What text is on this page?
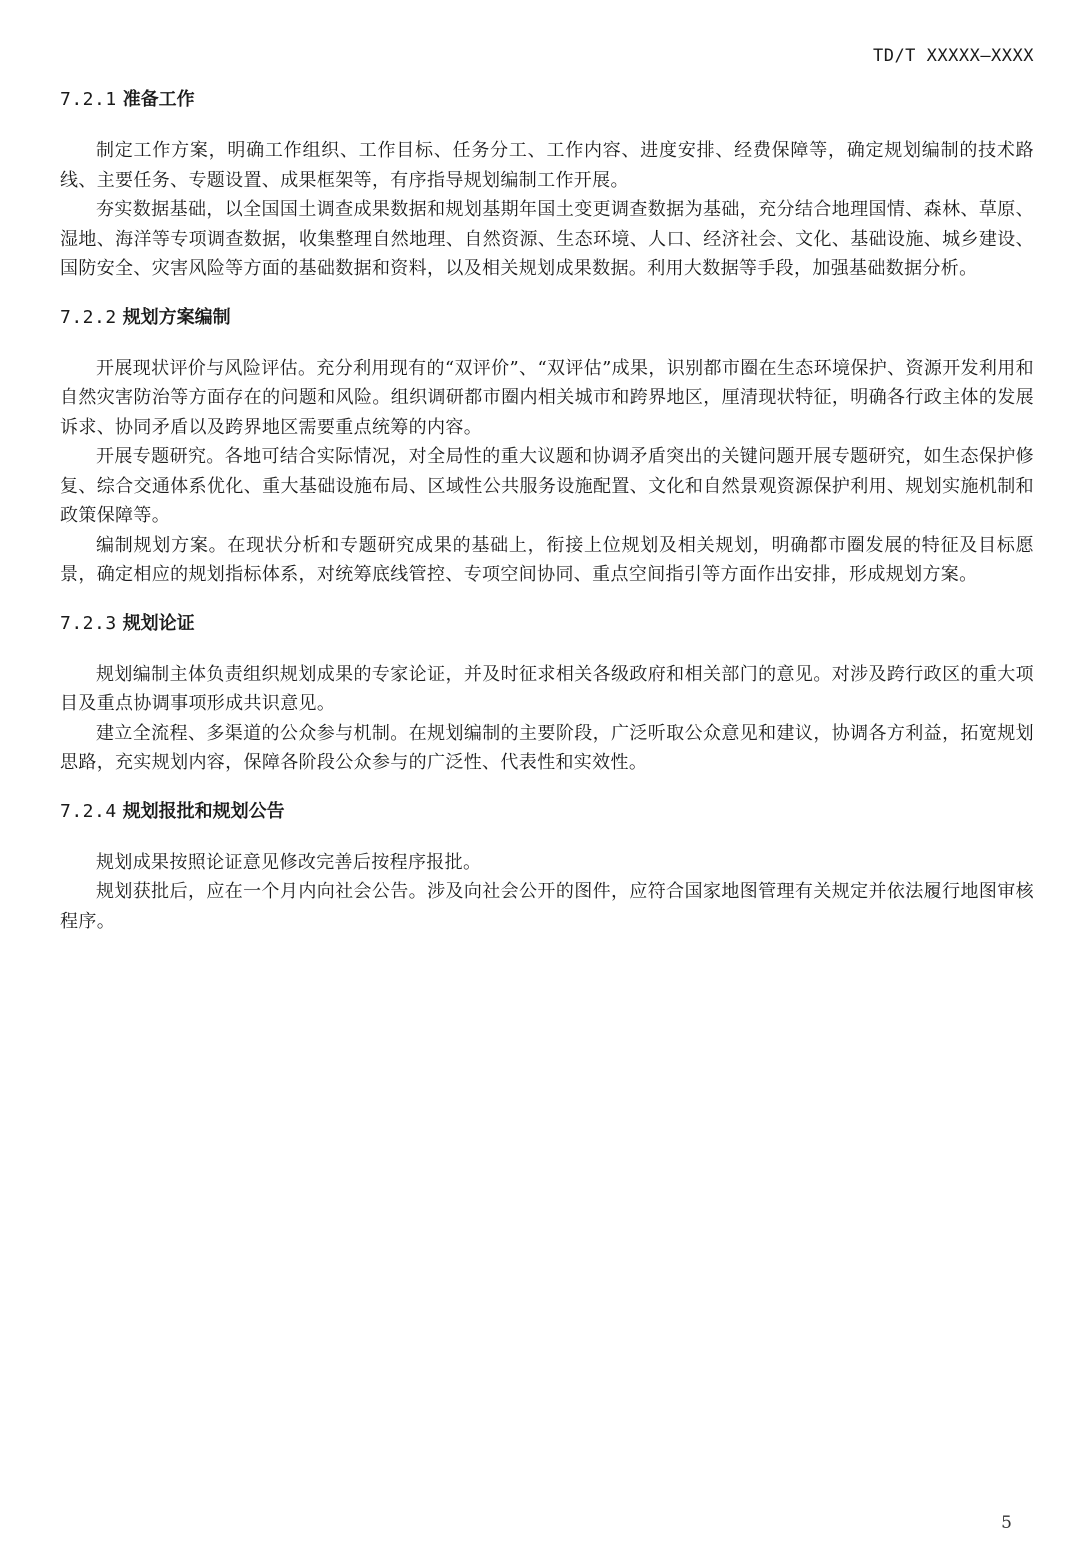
TD/T XXXXX—XXXX
7.2.1 准备工作

制定工作方案，明确工作组织、工作目标、任务分工、工作内容、进度安排、经费保障等，确定规划编制的技术路线、主要任务、专题设置、成果框架等，有序指导规划编制工作开展。

夯实数据基础，以全国国土调查成果数据和规划基期年国土变更调查数据为基础，充分结合地理国情、森林、草原、湿地、海洋等专项调查数据，收集整理自然地理、自然资源、生态环境、人口、经济社会、文化、基础设施、城乡建设、国防安全、灾害风险等方面的基础数据和资料，以及相关规划成果数据。利用大数据等手段，加强基础数据分析。

7.2.2 规划方案编制

开展现状评价与风险评估。充分利用现有的“双评价”、“双评估”成果，识别都市圈在生态环境保护、资源开发利用和自然灾害防治等方面存在的问题和风险。组织调研都市圈内相关城市和跨界地区，厘清现状特征，明确各行政主体的发展诉求、协同矛盾以及跨界地区需要重点统筹的内容。

开展专题研究。各地可结合实际情况，对全局性的重大议题和协调矛盾突出的关键问题开展专题研究，如生态保护修复、综合交通体系优化、重大基础设施布局、区域性公共服务设施配置、文化和自然景观资源保护利用、规划实施机制和政策保障等。

编制规划方案。在现状分析和专题研究成果的基础上，衔接上位规划及相关规划，明确都市圈发展的特征及目标愿景，确定相应的规划指标体系，对统筹底线管控、专项空间协同、重点空间指引等方面作出安排，形成规划方案。

7.2.3 规划论证

规划编制主体负责组织规划成果的专家论证，并及时征求相关各级政府和相关部门的意见。对涉及跨行政区的重大项目及重点协调事项形成共识意见。

建立全流程、多渠道的公众参与机制。在规划编制的主要阶段，广泛听取公众意见和建议，协调各方利益，拓宽规划思路，充实规划内容，保障各阶段公众参与的广泛性、代表性和实效性。

7.2.4 规划报批和规划公告

规划成果按照论证意见修改完善后按程序报批。

规划获批后，应在一个月内向社会公告。涉及向社会公开的图件，应符合国家地图管理有关规定并依法履行地图审核程序。

5
